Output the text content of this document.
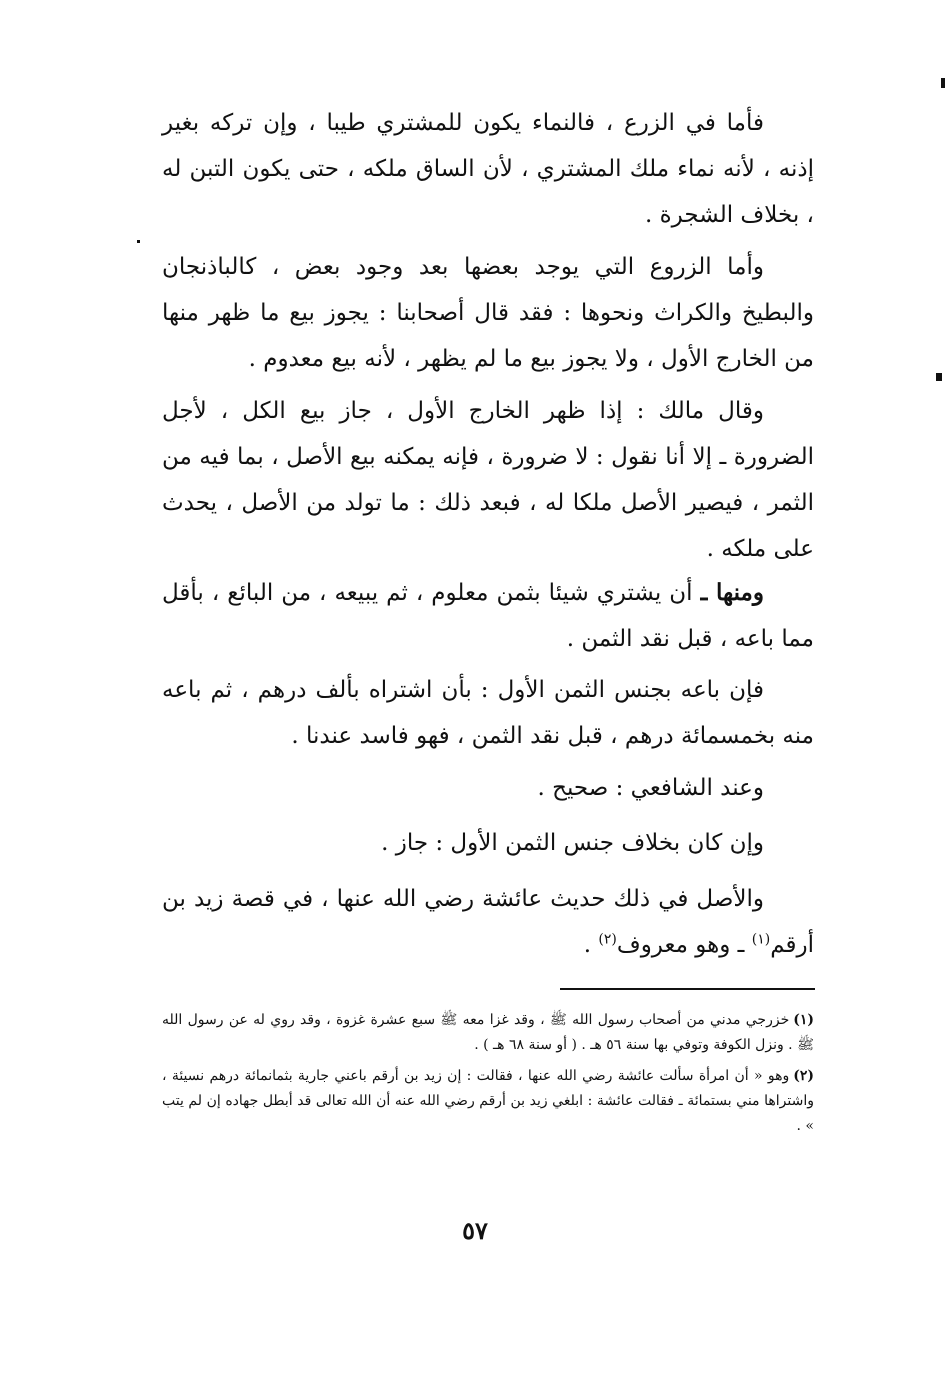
فأما في الزرع ، فالنماء يكون للمشتري طيبا ، وإن تركه بغير إذنه ، لأنه نماء ملك المشتري ، لأن الساق ملكه ، حتى يكون التبن له ، بخلاف الشجرة .

وأما الزروع التي يوجد بعضها بعد وجود بعض ، كالباذنجان والبطيخ والكراث ونحوها : فقد قال أصحابنا : يجوز بيع ما ظهر منها من الخارج الأول ، ولا يجوز بيع ما لم يظهر ، لأنه بيع معدوم .

وقال مالك : إذا ظهر الخارج الأول ، جاز بيع الكل ، لأجل الضرورة ـ إلا أنا نقول : لا ضرورة ، فإنه يمكنه بيع الأصل ، بما فيه من الثمر ، فيصير الأصل ملكا له ، فبعد ذلك : ما تولد من الأصل ، يحدث على ملكه .

ومنها ـ أن يشتري شيئا بثمن معلوم ، ثم يبيعه ، من البائع ، بأقل مما باعه ، قبل نقد الثمن .

فإن باعه بجنس الثمن الأول : بأن اشتراه بألف درهم ، ثم باعه منه بخمسمائة درهم ، قبل نقد الثمن ، فهو فاسد عندنا .

وعند الشافعي : صحيح .

وإن كان بخلاف جنس الثمن الأول : جاز .

والأصل في ذلك حديث عائشة رضي الله عنها ، في قصة زيد بن أرقم$^{(١)}$ ـ وهو معروف$^{(٢)}$ .

(١)خزرجي مدني من أصحاب رسول الله ﷺ ، وقد غزا معه ﷺ سبع عشرة غزوة ، وقد روي له عن رسول الله ﷺ . ونزل الكوفة وتوفي بها سنة ٥٦ هـ . ( أو سنة ٦٨ هـ ) .

(٢)وهو « أن امرأة سألت عائشة رضي الله عنها ، فقالت : إن زيد بن أرقم باعني جارية بثمانمائة درهم نسيئة ، واشتراها مني بستمائة ـ فقالت عائشة : ابلغي زيد بن أرقم رضي الله عنه أن الله تعالى قد أبطل جهاده إن لم يتب » .

٥٧
